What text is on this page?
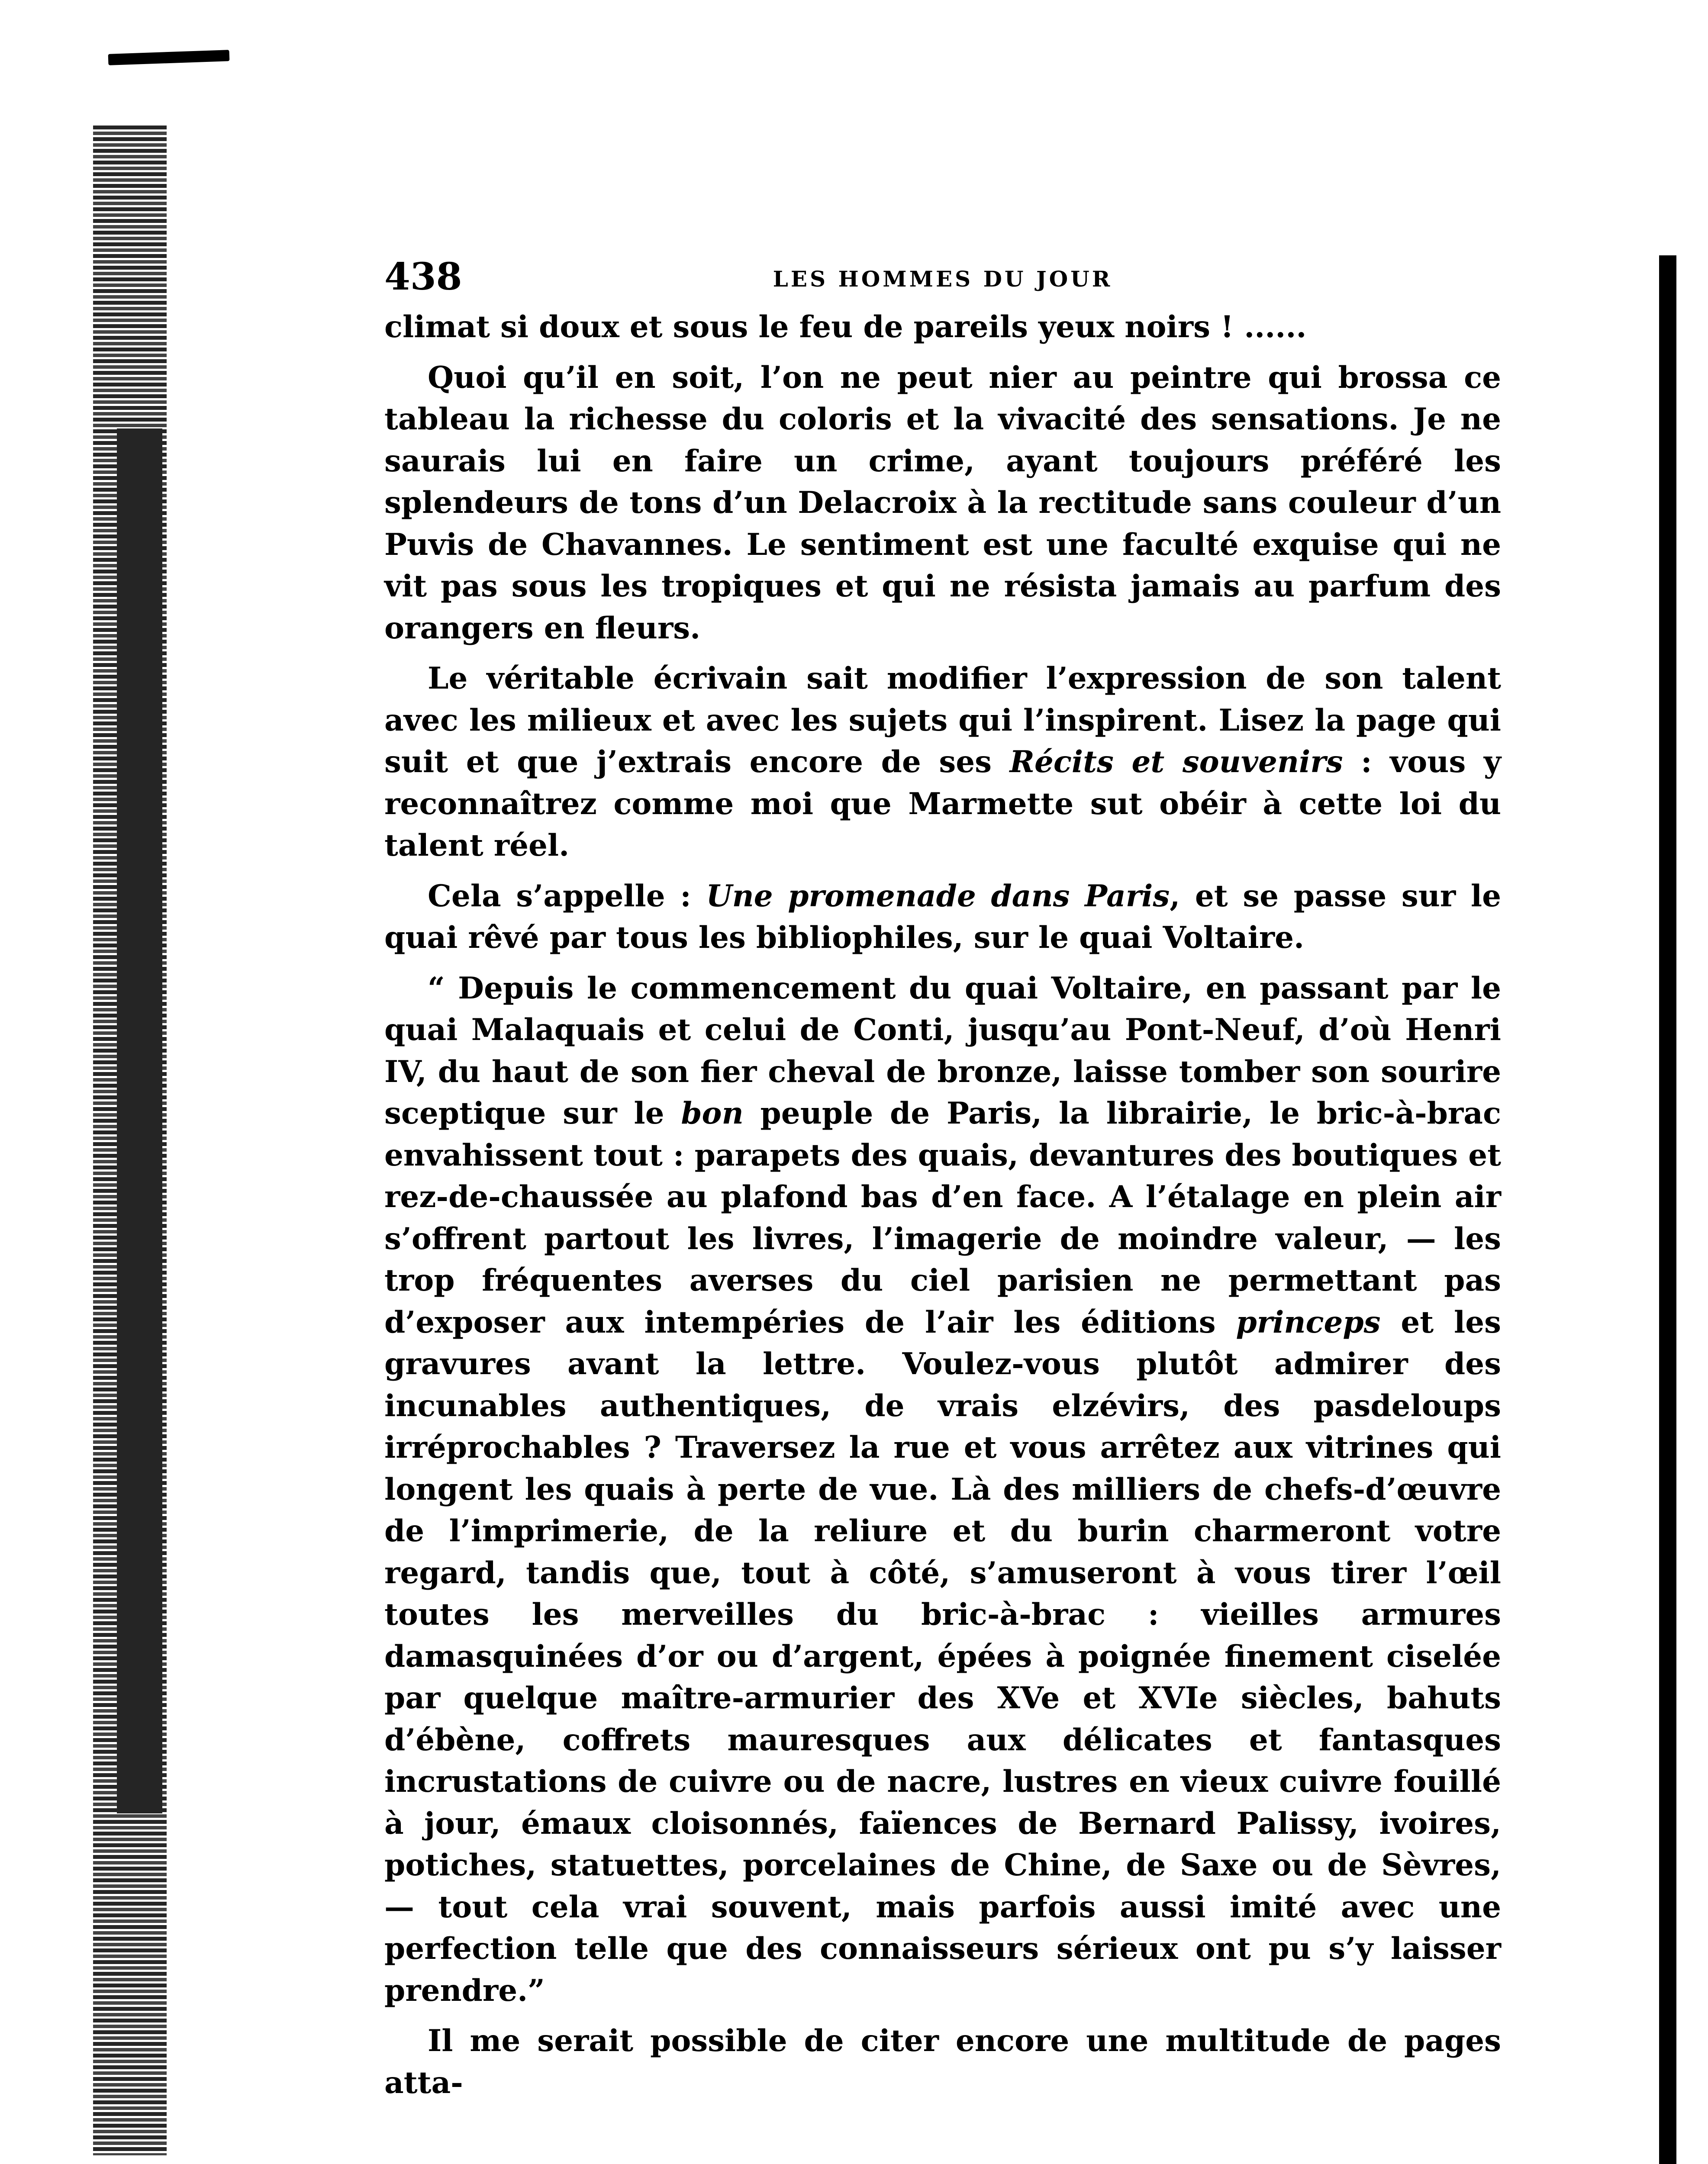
438	LES HOMMES DU JOUR

climat si doux et sous le feu de pareils yeux noirs ! ......

Quoi qu’il en soit, l’on ne peut nier au peintre qui brossa ce tableau la richesse du coloris et la vivacité des sensations. Je ne saurais lui en faire un crime, ayant toujours préféré les splendeurs de tons d’un Delacroix à la rectitude sans couleur d’un Puvis de Chavannes. Le sentiment est une faculté exquise qui ne vit pas sous les tropiques et qui ne résista jamais au parfum des orangers en fleurs.

Le véritable écrivain sait modifier l’expression de son talent avec les milieux et avec les sujets qui l’inspirent. Lisez la page qui suit et que j’extrais encore de ses Récits et souvenirs : vous y reconnaîtrez comme moi que Marmette sut obéir à cette loi du talent réel.

Cela s’appelle : Une promenade dans Paris, et se passe sur le quai rêvé par tous les bibliophiles, sur le quai Voltaire.

“ Depuis le commencement du quai Voltaire, en passant par le quai Malaquais et celui de Conti, jusqu’au Pont-Neuf, d’où Henri IV, du haut de son fier cheval de bronze, laisse tomber son sourire sceptique sur le bon peuple de Paris, la librairie, le bric-à-brac envahissent tout : parapets des quais, devantures des boutiques et rez-de-chaussée au plafond bas d’en face. A l’étalage en plein air s’offrent partout les livres, l’imagerie de moindre valeur, — les trop fréquentes averses du ciel parisien ne permettant pas d’exposer aux intempéries de l’air les éditions princeps et les gravures avant la lettre. Voulez-vous plutôt admirer des incunables authentiques, de vrais elzévirs, des pasdeloups irréprochables ? Traversez la rue et vous arrêtez aux vitrines qui longent les quais à perte de vue. Là des milliers de chefs-d’œuvre de l’imprimerie, de la reliure et du burin charmeront votre regard, tandis que, tout à côté, s’amuseront à vous tirer l’œil toutes les merveilles du bric-à-brac : vieilles armures damasquinées d’or ou d’argent, épées à poignée finement ciselée par quelque maître-armurier des XVe et XVIe siècles, bahuts d’ébène, coffrets mauresques aux délicates et fantasques incrustations de cuivre ou de nacre, lustres en vieux cuivre fouillé à jour, émaux cloisonnés, faïences de Bernard Palissy, ivoires, potiches, statuettes, porcelaines de Chine, de Saxe ou de Sèvres, — tout cela vrai souvent, mais parfois aussi imité avec une perfection telle que des connaisseurs sérieux ont pu s’y laisser prendre.”

Il me serait possible de citer encore une multitude de pages atta-
